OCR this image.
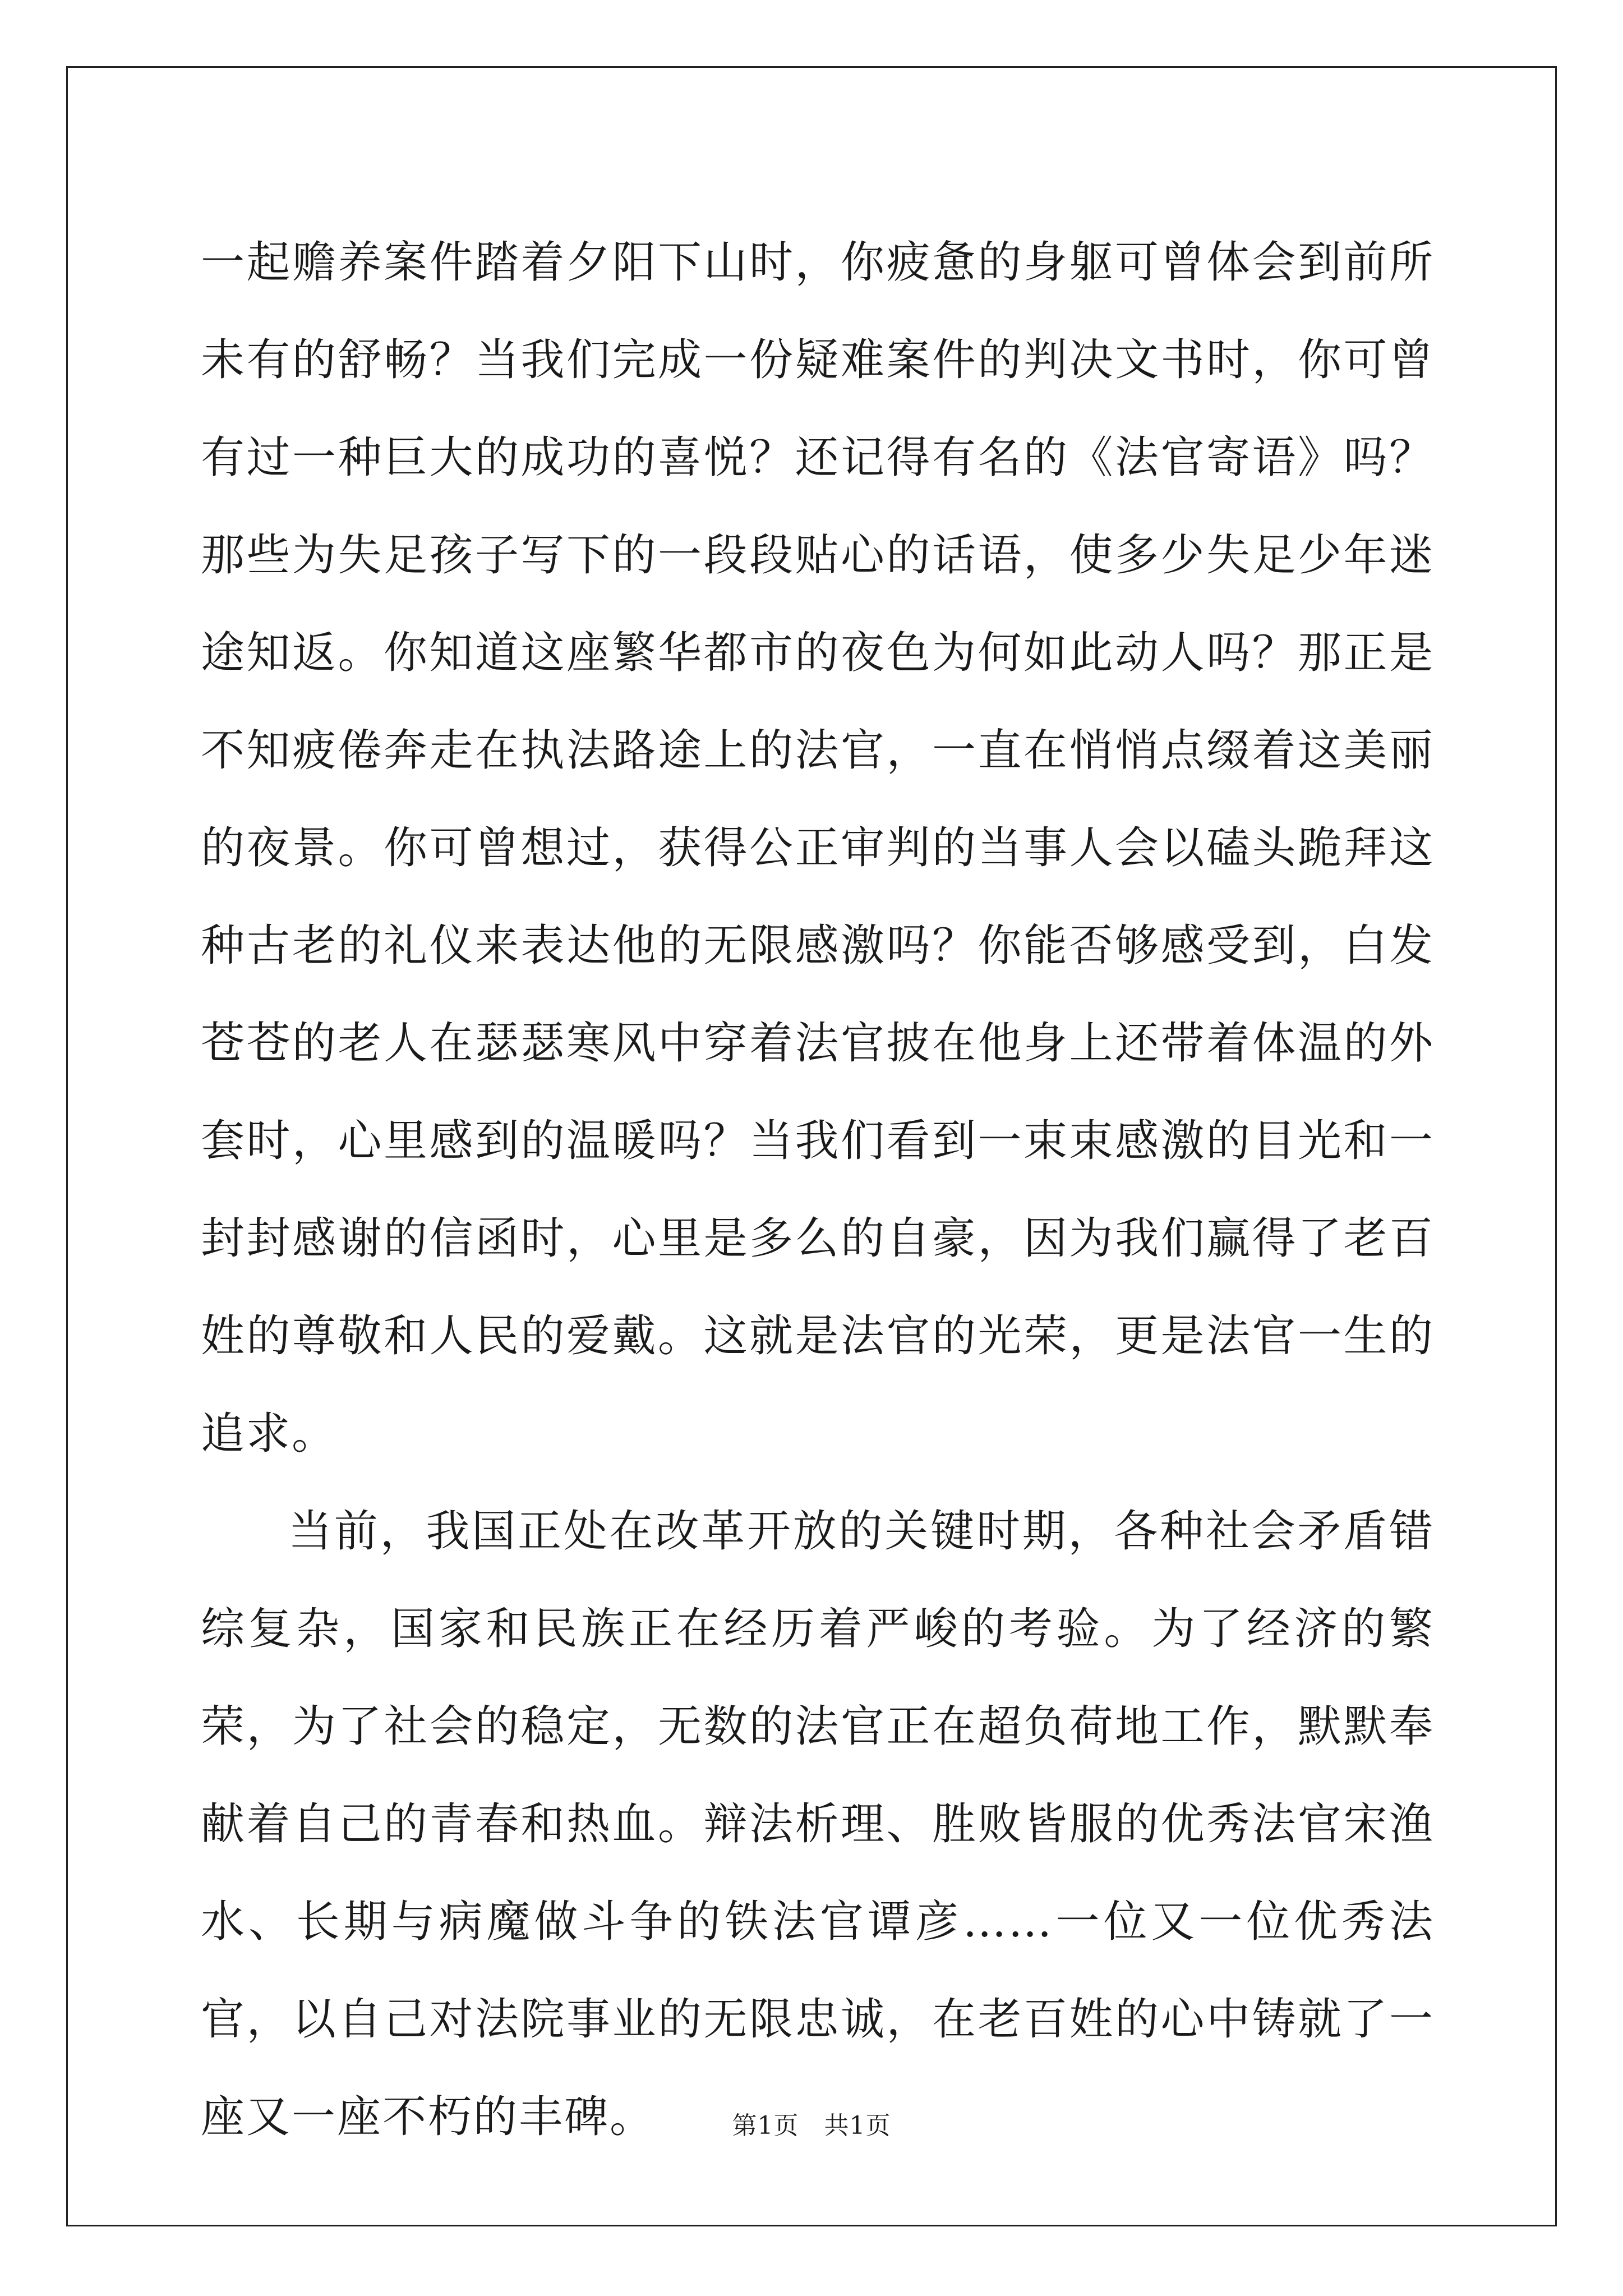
一起赡养案件踏着夕阳下山时，你疲惫的身躯可曾体会到前所未有的舒畅？当我们完成一份疑难案件的判决文书时，你可曾有过一种巨大的成功的喜悦？还记得有名的《法官寄语》吗？那些为失足孩子写下的一段段贴心的话语，使多少失足少年迷途知返。你知道这座繁华都市的夜色为何如此动人吗？那正是不知疲倦奔走在执法路途上的法官，一直在悄悄点缀着这美丽的夜景。你可曾想过，获得公正审判的当事人会以磕头跪拜这种古老的礼仪来表达他的无限感激吗？你能否够感受到，白发苍苍的老人在瑟瑟寒风中穿着法官披在他身上还带着体温的外套时，心里感到的温暖吗？当我们看到一束束感激的目光和一封封感谢的信函时，心里是多么的自豪，因为我们赢得了老百姓的尊敬和人民的爱戴。这就是法官的光荣，更是法官一生的追求。

当前，我国正处在改革开放的关键时期，各种社会矛盾错综复杂，国家和民族正在经历着严峻的考验。为了经济的繁荣，为了社会的稳定，无数的法官正在超负荷地工作，默默奉献着自己的青春和热血。辩法析理、胜败皆服的优秀法官宋渔水、长期与病魔做斗争的铁法官谭彦……一位又一位优秀法官，以自己对法院事业的无限忠诚，在老百姓的心中铸就了一座又一座不朽的丰碑。	第1页   共1页
